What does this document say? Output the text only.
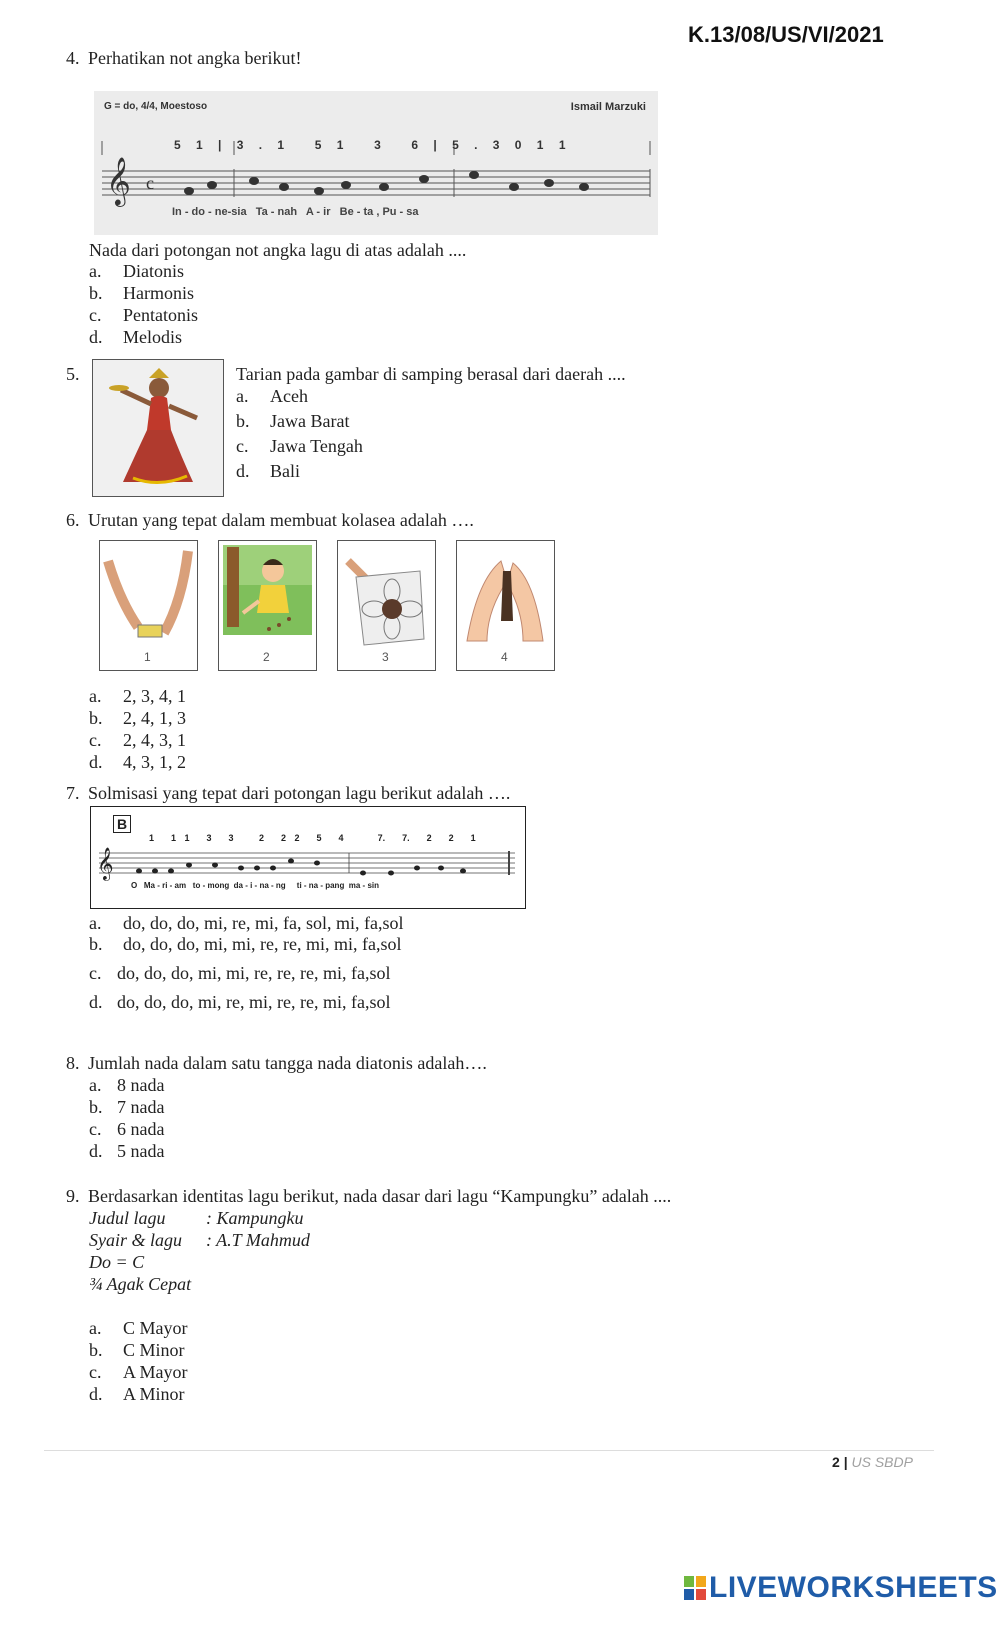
K.13/08/US/VI/2021
4. Perhatikan not angka berikut!
𝄞 c
G = do, 4/4, Moestoso	Ismail Marzuki
5 1 | 3 . 1  5 1  3  6 | 5 . 3 0 1 1
In - do - ne-sia   Ta - nah   A - ir   Be - ta , Pu - sa
Nada dari potongan not angka lagu di atas adalah ....
a. Diatonis
b. Harmonis
c. Pentatonis
d. Melodis
5.	Tarian pada gambar di samping berasal dari daerah ....
a. Aceh
b. Jawa Barat
c. Jawa Tengah
d. Bali
6. Urutan yang tepat dalam membuat kolasea adalah ….
1	2	3	4
a. 2, 3, 4, 1
b. 2, 4, 1, 3
c. 2, 4, 3, 1
d. 4, 3, 1, 2
7. Solmisasi yang tepat dari potongan lagu berikut adalah ….
B
𝄞
1  1 1  3  3   2  2 2  5  4    7.  7.  2  2  1
O   Ma - ri - am   to - mong  da - i - na - ng     ti - na - pang  ma - sin
a. do, do, do, mi, re, mi, fa, sol, mi, fa,sol
b. do, do, do, mi, mi, re, re, mi, mi, fa,sol
c. do, do, do, mi, mi, re, re, re, mi, fa,sol
d. do, do, do, mi, re, mi, re, re, mi, fa,sol
8. Jumlah nada dalam satu tangga nada diatonis adalah….
a. 8 nada
b. 7 nada
c. 6 nada
d. 5 nada
9. Berdasarkan identitas lagu berikut, nada dasar dari lagu “Kampungku” adalah ....
Judul lagu : Kampungku
Syair & lagu : A.T Mahmud
Do = C
¾ Agak Cepat
a. C Mayor
b. C Minor
c. A Mayor
d. A Minor
2 | US SBDP
LIVEWORKSHEETS
